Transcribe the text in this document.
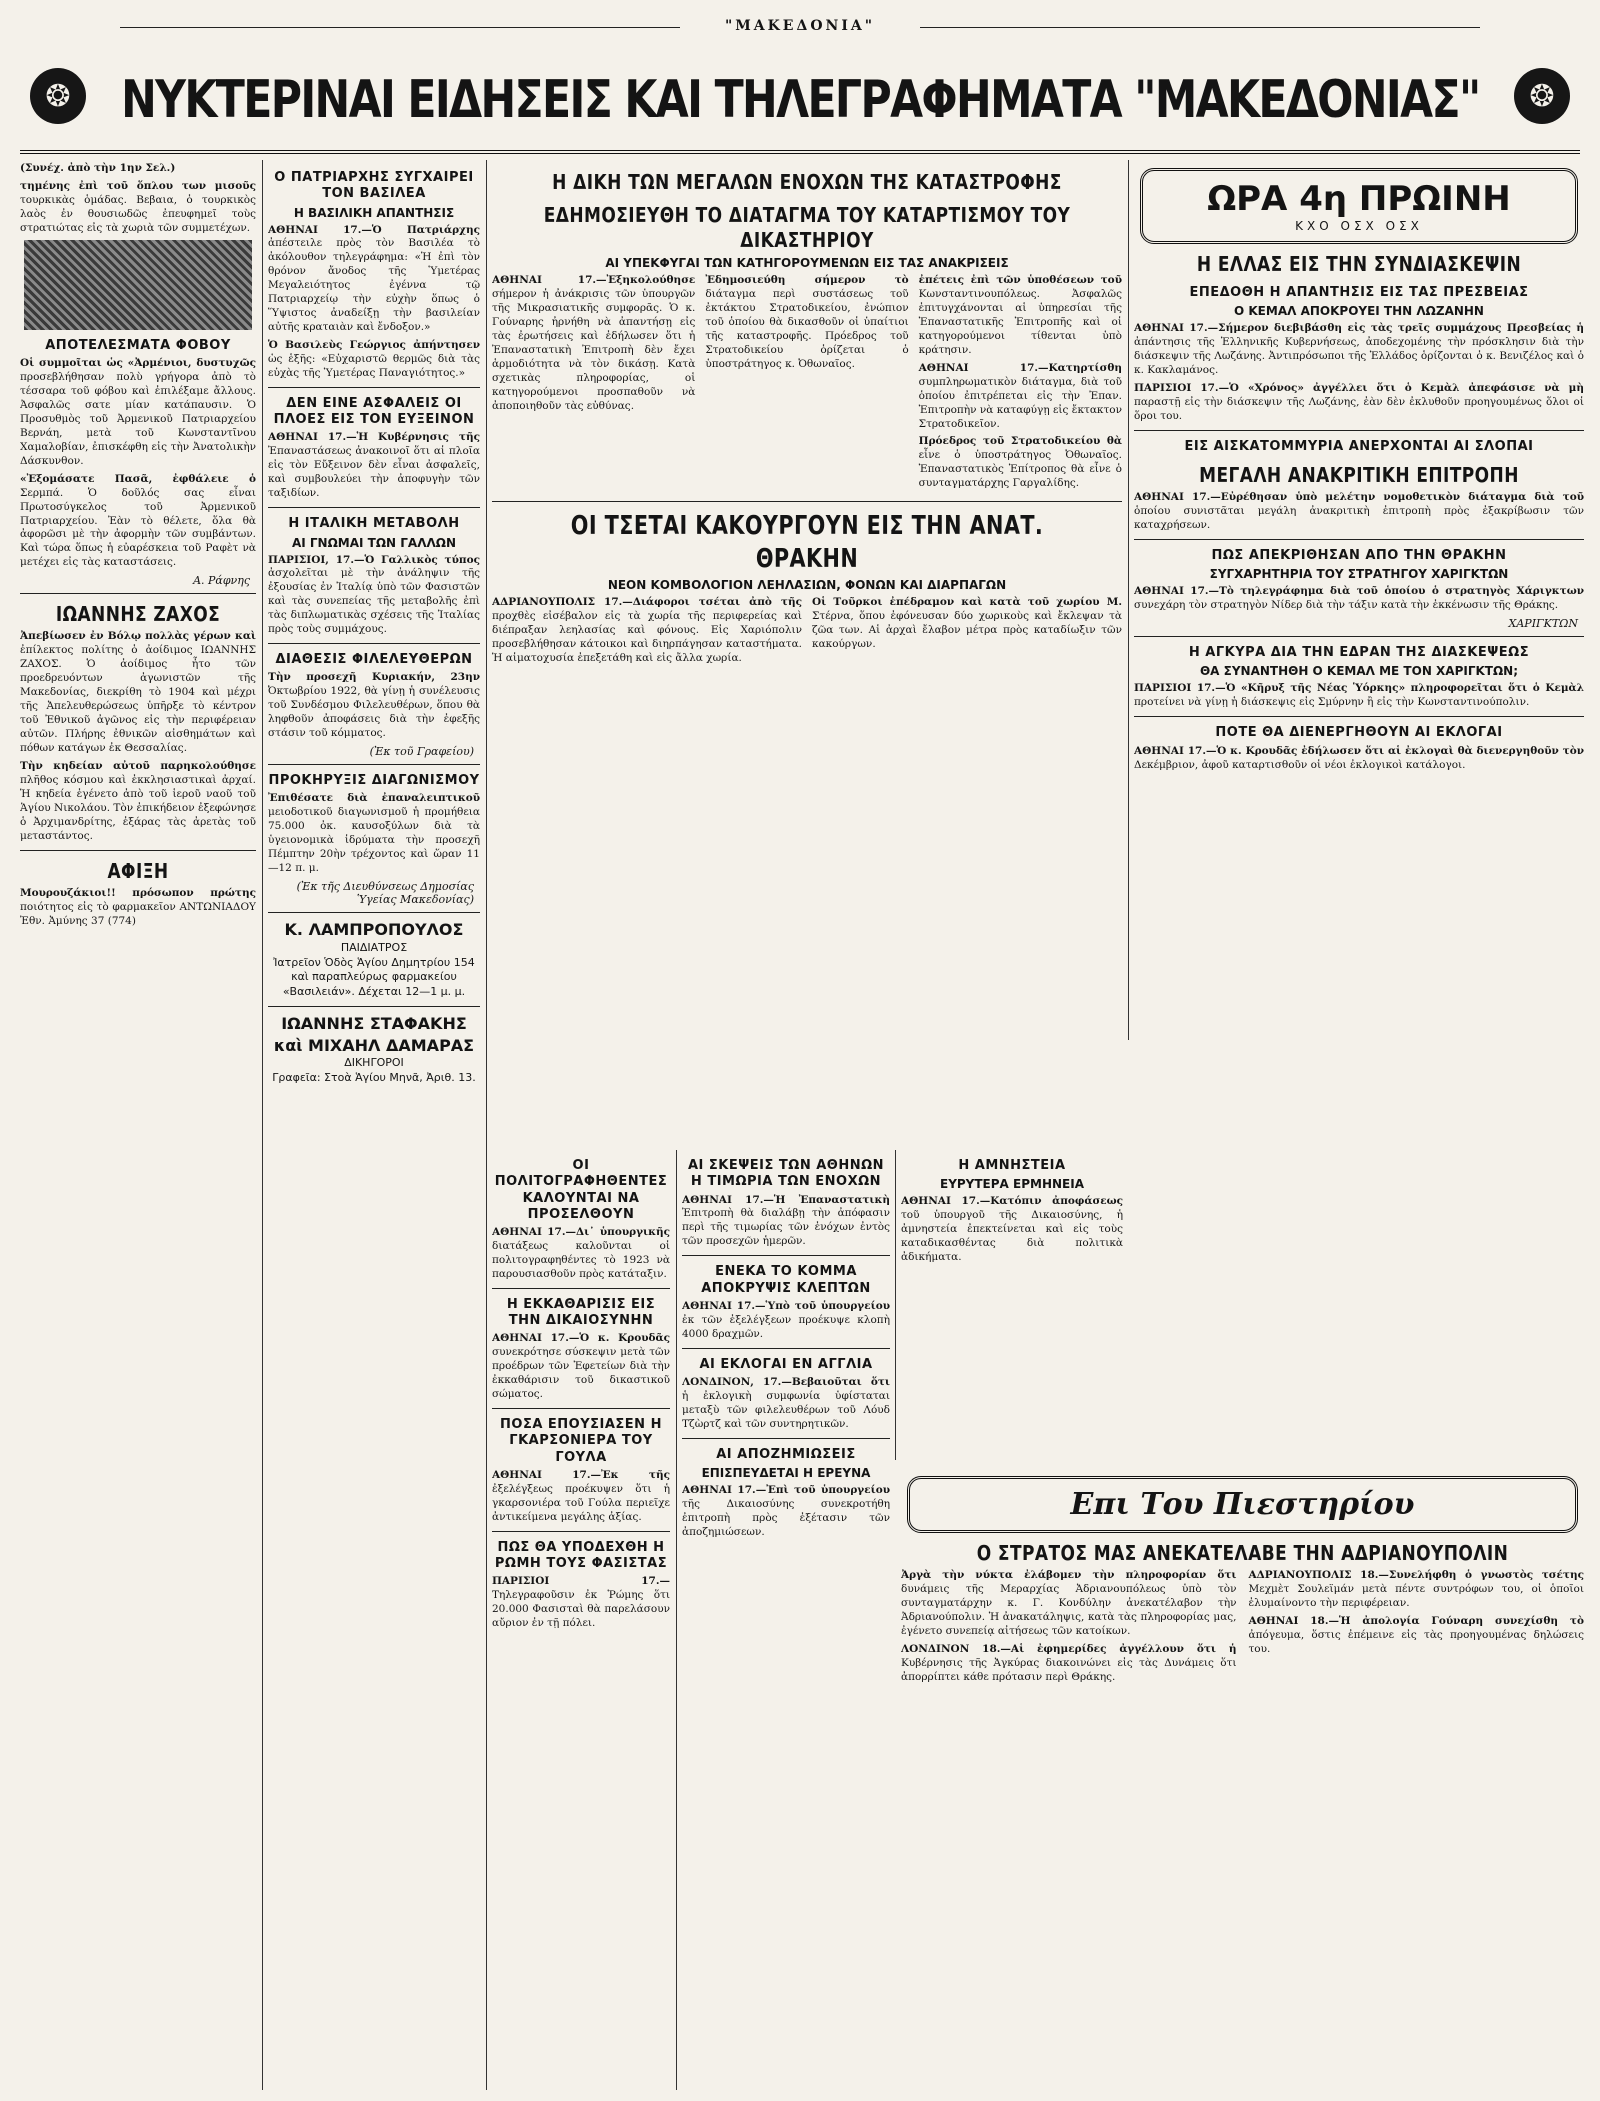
"ΜΑΚΕΔΟΝΙΑ"
❂ ΝΥΚΤΕΡΙΝΑΙ ΕΙΔΗΣΕΙΣ ΚΑΙ ΤΗΛΕΓΡΑΦΗΜΑΤΑ "ΜΑΚΕΔΟΝΙΑΣ"	❂

(Συνέχ. ἀπὸ τὴν 1ην Σελ.)

τημένης ἐπὶ τοῦ ὅπλου των μισοῦς τουρκικὰς ὁμάδας. Βεβαια, ὁ τουρκικὸς λαὸς ἐν θουσιωδῶς ἐπευφημεῖ τοὺς στρατιώτας εἰς τὰ χωριὰ τῶν συμμετέχων.

ΑΠΟΤΕΛΕΣΜΑΤΑ ΦΟΒΟΥ

Οἱ συμμοῖται ὡς «Ἀρμένιοι, δυστυχῶς προσεβλήθησαν πολὺ γρήγορα ἀπὸ τὸ τέσσαρα τοῦ φόβου καὶ ἐπιλέξαμε ἄλλους. Ἀσφαλῶς σατε μίαν κατάπαυσιν. Ὁ Προσυθμὸς τοῦ Ἀρμενικοῦ Πατριαρχείου Βερνάη, μετὰ τοῦ Κωνσταντῖνου Χαμαλοβίαν, ἐπισκέφθη εἰς τὴν Ἀνατολικὴν Δάσκυνθον.

«Ἐξομάσατε Πασᾶ, ἐφθάλειε ὁ Σερμπά. Ὁ δοῦλός σας εἶναι Πρωτοσύγκελος τοῦ Ἀρμενικοῦ Πατριαρχείου. Ἐὰν τὸ θέλετε, ὅλα θὰ ἀφορῶσι μὲ τὴν ἀφορμὴν τῶν συμβάντων. Καὶ τώρα ὅπως ἡ εὐαρέσκεια τοῦ Ραφὲτ νὰ μετέχει εἰς τὰς καταστάσεις.

Α. Ράφνης
ΙΩΑΝΝΗΣ ΖΑΧΟΣ

Ἀπεβίωσεν ἐν Βόλῳ πολλὰς γέρων καὶ ἐπίλεκτος πολίτης ὁ ἀοίδιμος ΙΩΑΝΝΗΣ ΖΑΧΟΣ. Ὁ ἀοίδιμος ἦτο τῶν προεδρευόντων ἀγωνιστῶν τῆς Μακεδονίας, διεκρίθη τὸ 1904 καὶ μέχρι τῆς Ἀπελευθερώσεως ὑπῆρξε τὸ κέντρον τοῦ Ἐθνικοῦ ἀγῶνος εἰς τὴν περιφέρειαν αὐτῶν. Πλήρης ἐθνικῶν αἰσθημάτων καὶ πόθων κατάγων ἐκ Θεσσαλίας.

Τὴν κηδείαν αὐτοῦ παρηκολούθησε πλῆθος κόσμου καὶ ἐκκλησιαστικαὶ ἀρχαί. Ἡ κηδεία ἐγένετο ἀπὸ τοῦ ἱεροῦ ναοῦ τοῦ Ἁγίου Νικολάου. Τὸν ἐπικήδειον ἐξεφώνησε ὁ Ἀρχιμανδρίτης, ἐξάρας τὰς ἀρετὰς τοῦ μεταστάντος.

ΑΦΙΞΗ

Μουρουζάκιοι!! πρόσωπον πρώτης ποιότητος εἰς τὸ φαρμακεῖον ΑΝΤΩΝΙΑΔΟΥ Ἐθν. Ἀμύνης 37 (774)

Ο ΠΑΤΡΙΑΡΧΗΣ ΣΥΓΧΑΙΡΕΙ ΤΟΝ ΒΑΣΙΛΕΑ
Η ΒΑΣΙΛΙΚΗ ΑΠΑΝΤΗΣΙΣ

ΑΘΗΝΑΙ 17.—Ὁ Πατριάρχης ἀπέστειλε πρὸς τὸν Βασιλέα τὸ ἀκόλουθον τηλεγράφημα: «Ἡ ἐπὶ τὸν θρόνον ἄνοδος τῆς Ὑμετέρας Μεγαλειότητος ἐγέννα τῷ Πατριαρχείῳ τὴν εὐχὴν ὅπως ὁ Ὕψιστος ἀναδείξῃ τὴν βασιλείαν αὐτῆς κραταιὰν καὶ ἔνδοξον.»

Ὁ Βασιλεὺς Γεώργιος ἀπήντησεν ὡς ἑξῆς: «Εὐχαριστῶ θερμῶς διὰ τὰς εὐχὰς τῆς Ὑμετέρας Παναγιότητος.»

ΔΕΝ ΕΙΝΕ ΑΣΦΑΛΕΙΣ ΟΙ ΠΛΟΕΣ ΕΙΣ ΤΟΝ ΕΥΞΕΙΝΟΝ

ΑΘΗΝΑΙ 17.—Ἡ Κυβέρνησις τῆς Ἐπαναστάσεως ἀνακοινοῖ ὅτι αἱ πλοῖα εἰς τὸν Εὔξεινον δὲν εἶναι ἀσφαλεῖς, καὶ συμβουλεύει τὴν ἀποφυγὴν τῶν ταξιδίων.

Η ΙΤΑΛΙΚΗ ΜΕΤΑΒΟΛΗ
ΑΙ ΓΝΩΜΑΙ ΤΩΝ ΓΑΛΛΩΝ

ΠΑΡΙΣΙΟΙ, 17.—Ὁ Γαλλικὸς τύπος ἀσχολεῖται μὲ τὴν ἀνάληψιν τῆς ἐξουσίας ἐν Ἰταλίᾳ ὑπὸ τῶν Φασιστῶν καὶ τὰς συνεπείας τῆς μεταβολῆς ἐπὶ τὰς διπλωματικὰς σχέσεις τῆς Ἰταλίας πρὸς τοὺς συμμάχους.

ΔΙΑΘΕΣΙΣ ΦΙΛΕΛΕΥΘΕΡΩΝ

Τὴν προσεχῆ Κυριακήν, 23ην Ὀκτωβρίου 1922, θὰ γίνῃ ἡ συνέλευσις τοῦ Συνδέσμου Φιλελευθέρων, ὅπου θὰ ληφθοῦν ἀποφάσεις διὰ τὴν ἐφεξῆς στάσιν τοῦ κόμματος.

(Ἐκ τοῦ Γραφείου)
ΠΡΟΚΗΡΥΞΙΣ ΔΙΑΓΩΝΙΣΜΟΥ

Ἐπιθέσατε διὰ ἐπαναλειπτικοῦ μειοδοτικοῦ διαγωνισμοῦ ἡ προμήθεια 75.000 ὀκ. καυσοξύλων διὰ τὰ ὑγειονομικὰ ἱδρύματα τὴν προσεχῆ Πέμπτην 20ὴν τρέχοντος καὶ ὥραν 11—12 π. μ.

(Ἐκ τῆς Διευθύνσεως Δημοσίας Ὑγείας Μακεδονίας)
Κ. ΛΑΜΠΡΟΠΟΥΛΟΣ
ΠΑΙΔΙΑΤΡΟΣ
Ἰατρεῖον Ὁδὸς Ἁγίου Δημητρίου 154 καὶ παραπλεύρως φαρμακείου «Βασιλειάν». Δέχεται 12—1 μ. μ.
ΙΩΑΝΝΗΣ ΣΤΑΦΑΚΗΣ καὶ ΜΙΧΑΗΛ ΔΑΜΑΡΑΣ
ΔΙΚΗΓΟΡΟΙ
Γραφεῖα: Στοὰ Ἁγίου Μηνᾶ, Ἀριθ. 13.
Η ΔΙΚΗ ΤΩΝ ΜΕΓΑΛΩΝ ΕΝΟΧΩΝ ΤΗΣ ΚΑΤΑΣΤΡΟΦΗΣ
ΕΔΗΜΟΣΙΕΥΘΗ ΤΟ ΔΙΑΤΑΓΜΑ ΤΟΥ ΚΑΤΑΡΤΙΣΜΟΥ ΤΟΥ ΔΙΚΑΣΤΗΡΙΟΥ
ΑΙ ΥΠΕΚΦΥΓΑΙ ΤΩΝ ΚΑΤΗΓΟΡΟΥΜΕΝΩΝ ΕΙΣ ΤΑΣ ΑΝΑΚΡΙΣΕΙΣ

ΑΘΗΝΑΙ 17.—Ἐξηκολούθησε σήμερον ἡ ἀνάκρισις τῶν ὑπουργῶν τῆς Μικρασιατικῆς συμφορᾶς. Ὁ κ. Γούναρης ἠρνήθη νὰ ἀπαντήσῃ εἰς τὰς ἐρωτήσεις καὶ ἐδήλωσεν ὅτι ἡ Ἐπαναστατικὴ Ἐπιτροπὴ δὲν ἔχει ἁρμοδιότητα νὰ τὸν δικάσῃ. Κατὰ σχετικὰς πληροφορίας, οἱ κατηγορούμενοι προσπαθοῦν νὰ ἀποποιηθοῦν τὰς εὐθύνας.

Ἐδημοσιεύθη σήμερον τὸ διάταγμα περὶ συστάσεως τοῦ ἐκτάκτου Στρατοδικείου, ἐνώπιον τοῦ ὁποίου θὰ δικασθοῦν οἱ ὑπαίτιοι τῆς καταστροφῆς. Πρόεδρος τοῦ Στρατοδικείου ὁρίζεται ὁ ὑποστράτηγος κ. Ὀθωναῖος.

ἐπέτεις ἐπὶ τῶν ὑποθέσεων τοῦ Κωνσταντινουπόλεως. Ἀσφαλῶς ἐπιτυγχάνονται αἱ ὑπηρεσίαι τῆς Ἐπαναστατικῆς Ἐπιτροπῆς καὶ οἱ κατηγορούμενοι τίθενται ὑπὸ κράτησιν.

ΑΘΗΝΑΙ 17.—Κατηρτίσθη συμπληρωματικὸν διάταγμα, διὰ τοῦ ὁποίου ἐπιτρέπεται εἰς τὴν Ἐπαν. Ἐπιτροπὴν νὰ καταφύγῃ εἰς ἔκτακτον Στρατοδικεῖον.

Πρόεδρος τοῦ Στρατοδικείου θὰ εἶνε ὁ ὑποστράτηγος Ὀθωναῖος. Ἐπαναστατικὸς Ἐπίτροπος θὰ εἶνε ὁ συνταγματάρχης Γαργαλίδης.

ΟΙ ΤΣΕΤΑΙ ΚΑΚΟΥΡΓΟΥΝ ΕΙΣ ΤΗΝ ΑΝΑΤ. ΘΡΑΚΗΝ
ΝΕΟΝ ΚΟΜΒΟΛΟΓΙΟΝ ΛΕΗΛΑΣΙΩΝ, ΦΟΝΩΝ ΚΑΙ ΔΙΑΡΠΑΓΩΝ

ΑΔΡΙΑΝΟΥΠΟΛΙΣ 17.—Διάφοροι τσέται ἀπὸ τῆς προχθὲς εἰσέβαλον εἰς τὰ χωρία τῆς περιφερείας καὶ διέπραξαν λεηλασίας καὶ φόνους. Εἰς Χαριόπολιν προσεβλήθησαν κάτοικοι καὶ διηρπάγησαν καταστήματα. Ἡ αἱματοχυσία ἐπεξετάθη καὶ εἰς ἄλλα χωρία.

Οἱ Τοῦρκοι ἐπέδραμον καὶ κατὰ τοῦ χωρίου Μ. Στέρνα, ὅπου ἐφόνευσαν δύο χωρικοὺς καὶ ἔκλεψαν τὰ ζῶα των. Αἱ ἀρχαὶ ἔλαβον μέτρα πρὸς καταδίωξιν τῶν κακούργων.

ΟΙ ΠΟΛΙΤΟΓΡΑΦΗΘΕΝΤΕΣ ΚΑΛΟΥΝΤΑΙ ΝΑ ΠΡΟΣΕΛΘΟΥΝ

ΑΘΗΝΑΙ 17.—Δι᾽ ὑπουργικῆς διατάξεως καλοῦνται οἱ πολιτογραφηθέντες τὸ 1923 νὰ παρουσιασθοῦν πρὸς κατάταξιν.

Η ΕΚΚΑΘΑΡΙΣΙΣ ΕΙΣ ΤΗΝ ΔΙΚΑΙΟΣΥΝΗΝ

ΑΘΗΝΑΙ 17.—Ὁ κ. Κρουδᾶς συνεκρότησε σύσκεψιν μετὰ τῶν προέδρων τῶν Ἐφετείων διὰ τὴν ἐκκαθάρισιν τοῦ δικαστικοῦ σώματος.

ΠΟΣΑ ΕΠΟΥΣΙΑΣΕΝ Η ΓΚΑΡΣΟΝΙΕΡΑ ΤΟΥ ΓΟΥΛΑ

ΑΘΗΝΑΙ 17.—Ἐκ τῆς ἐξελέγξεως προέκυψεν ὅτι ἡ γκαρσονιέρα τοῦ Γούλα περιεῖχε ἀντικείμενα μεγάλης ἀξίας.

ΠΩΣ ΘΑ ΥΠΟΔΕΧΘΗ Η ΡΩΜΗ ΤΟΥΣ ΦΑΣΙΣΤΑΣ

ΠΑΡΙΣΙΟΙ 17.—Τηλεγραφοῦσιν ἐκ Ῥώμης ὅτι 20.000 Φασισταὶ θὰ παρελάσουν αὔριον ἐν τῇ πόλει.

ΑΙ ΣΚΕΨΕΙΣ ΤΩΝ ΑΘΗΝΩΝ Η ΤΙΜΩΡΙΑ ΤΩΝ ΕΝΟΧΩΝ

ΑΘΗΝΑΙ 17.—Ἡ Ἐπαναστατικὴ Ἐπιτροπὴ θὰ διαλάβῃ τὴν ἀπόφασιν περὶ τῆς τιμωρίας τῶν ἐνόχων ἐντὸς τῶν προσεχῶν ἡμερῶν.

ΕΝΕΚΑ ΤΟ ΚΟΜΜΑ ΑΠΟΚΡΥΨΙΣ ΚΛΕΠΤΩΝ

ΑΘΗΝΑΙ 17.—Ὑπὸ τοῦ ὑπουργείου ἐκ τῶν ἐξελέγξεων προέκυψε κλοπὴ 4000 δραχμῶν.

ΑΙ ΕΚΛΟΓΑΙ ΕΝ ΑΓΓΛΙΑ

ΛΟΝΔΙΝΟΝ, 17.—Βεβαιοῦται ὅτι ἡ ἐκλογικὴ συμφωνία ὑφίσταται μεταξὺ τῶν φιλελευθέρων τοῦ Λόυδ Τζὼρτζ καὶ τῶν συντηρητικῶν.

ΑΙ ΑΠΟΖΗΜΙΩΣΕΙΣ
ΕΠΙΣΠΕΥΔΕΤΑΙ Η ΕΡΕΥΝΑ

ΑΘΗΝΑΙ 17.—Ἐπὶ τοῦ ὑπουργείου τῆς Δικαιοσύνης συνεκροτήθη ἐπιτροπὴ πρὸς ἐξέτασιν τῶν ἀποζημιώσεων.

Η ΑΜΝΗΣΤΕΙΑ
ΕΥΡΥΤΕΡΑ ΕΡΜΗΝΕΙΑ

ΑΘΗΝΑΙ 17.—Κατόπιν ἀποφάσεως τοῦ ὑπουργοῦ τῆς Δικαιοσύνης, ἡ ἀμνηστεία ἐπεκτείνεται καὶ εἰς τοὺς καταδικασθέντας διὰ πολιτικὰ ἀδικήματα.

ΩΡΑ 4η ΠΡΩΙΝΗ
ΚΧΟ ΟΣΧ ΟΣΧ
Η ΕΛΛΑΣ ΕΙΣ ΤΗΝ ΣΥΝΔΙΑΣΚΕΨΙΝ
ΕΠΕΔΟΘΗ Η ΑΠΑΝΤΗΣΙΣ ΕΙΣ ΤΑΣ ΠΡΕΣΒΕΙΑΣ
Ο ΚΕΜΑΛ ΑΠΟΚΡΟΥΕΙ ΤΗΝ ΛΩΖΑΝΗΝ

ΑΘΗΝΑΙ 17.—Σήμερον διεβιβάσθη εἰς τὰς τρεῖς συμμάχους Πρεσβείας ἡ ἀπάντησις τῆς Ἑλληνικῆς Κυβερνήσεως, ἀποδεχομένης τὴν πρόσκλησιν διὰ τὴν διάσκεψιν τῆς Λωζάνης. Ἀντιπρόσωποι τῆς Ἑλλάδος ὁρίζονται ὁ κ. Βενιζέλος καὶ ὁ κ. Κακλαμάνος.

ΠΑΡΙΣΙΟΙ 17.—Ὁ «Χρόνος» ἀγγέλλει ὅτι ὁ Κεμὰλ ἀπεφάσισε νὰ μὴ παραστῇ εἰς τὴν διάσκεψιν τῆς Λωζάνης, ἐὰν δὲν ἐκλυθοῦν προηγουμένως ὅλοι οἱ ὅροι του.

ΕΙΣ ΑΙΣΚΑΤΟΜΜΥΡΙΑ ΑΝΕΡΧΟΝΤΑΙ ΑΙ ΣΛΟΠΑΙ
ΜΕΓΑΛΗ ΑΝΑΚΡΙΤΙΚΗ ΕΠΙΤΡΟΠΗ

ΑΘΗΝΑΙ 17.—Εὐρέθησαν ὑπὸ μελέτην νομοθετικὸν διάταγμα διὰ τοῦ ὁποίου συνιστᾶται μεγάλη ἀνακριτικὴ ἐπιτροπὴ πρὸς ἐξακρίβωσιν τῶν καταχρήσεων.

ΠΩΣ ΑΠΕΚΡΙΘΗΣΑΝ ΑΠΟ ΤΗΝ ΘΡΑΚΗΝ
ΣΥΓΧΑΡΗΤΗΡΙΑ ΤΟΥ ΣΤΡΑΤΗΓΟΥ ΧΑΡΙΓΚΤΩΝ

ΑΘΗΝΑΙ 17.—Τὸ τηλεγράφημα διὰ τοῦ ὁποίου ὁ στρατηγὸς Χάριγκτων συνεχάρη τὸν στρατηγὸν Νίδερ διὰ τὴν τάξιν κατὰ τὴν ἐκκένωσιν τῆς Θράκης.

ΧΑΡΙΓΚΤΩΝ
Η ΑΓΚΥΡΑ ΔΙΑ ΤΗΝ ΕΔΡΑΝ ΤΗΣ ΔΙΑΣΚΕΨΕΩΣ
ΘΑ ΣΥΝΑΝΤΗΘΗ Ο ΚΕΜΑΛ ΜΕ ΤΟΝ ΧΑΡΙΓΚΤΩΝ;

ΠΑΡΙΣΙΟΙ 17.—Ὁ «Κῆρυξ τῆς Νέας Ὑόρκης» πληροφορεῖται ὅτι ὁ Κεμὰλ προτείνει νὰ γίνῃ ἡ διάσκεψις εἰς Σμύρνην ἢ εἰς τὴν Κωνσταντινούπολιν.

ΠΟΤΕ ΘΑ ΔΙΕΝΕΡΓΗΘΟΥΝ ΑΙ ΕΚΛΟΓΑΙ

ΑΘΗΝΑΙ 17.—Ὁ κ. Κρουδᾶς ἐδήλωσεν ὅτι αἱ ἐκλογαὶ θὰ διενεργηθοῦν τὸν Δεκέμβριον, ἀφοῦ καταρτισθοῦν οἱ νέοι ἐκλογικοὶ κατάλογοι.

Επι Του Πιεστηρίου
Ο ΣΤΡΑΤΟΣ ΜΑΣ ΑΝΕΚΑΤΕΛΑΒΕ ΤΗΝ ΑΔΡΙΑΝΟΥΠΟΛΙΝ

Ἀργὰ τὴν νύκτα ἐλάβομεν τὴν πληροφορίαν ὅτι δυνάμεις τῆς Μεραρχίας Ἀδριανουπόλεως ὑπὸ τὸν συνταγματάρχην κ. Γ. Κονδύλην ἀνεκατέλαβον τὴν Ἀδριανούπολιν. Ἡ ἀνακατάληψις, κατὰ τὰς πληροφορίας μας, ἐγένετο συνεπείᾳ αἰτήσεως τῶν κατοίκων.

ΛΟΝΔΙΝΟΝ 18.—Αἱ ἐφημερίδες ἀγγέλλουν ὅτι ἡ Κυβέρνησις τῆς Ἀγκύρας διακοινώνει εἰς τὰς Δυνάμεις ὅτι ἀπορρίπτει κάθε πρότασιν περὶ Θράκης.

ΑΔΡΙΑΝΟΥΠΟΛΙΣ 18.—Συνελήφθη ὁ γνωστὸς τσέτης Μεχμὲτ Σουλεϊμάν μετὰ πέντε συντρόφων του, οἱ ὁποῖοι ἐλυμαίνοντο τὴν περιφέρειαν.

ΑΘΗΝΑΙ 18.—Ἡ ἀπολογία Γούναρη συνεχίσθη τὸ ἀπόγευμα, ὅστις ἐπέμεινε εἰς τὰς προηγουμένας δηλώσεις του.
